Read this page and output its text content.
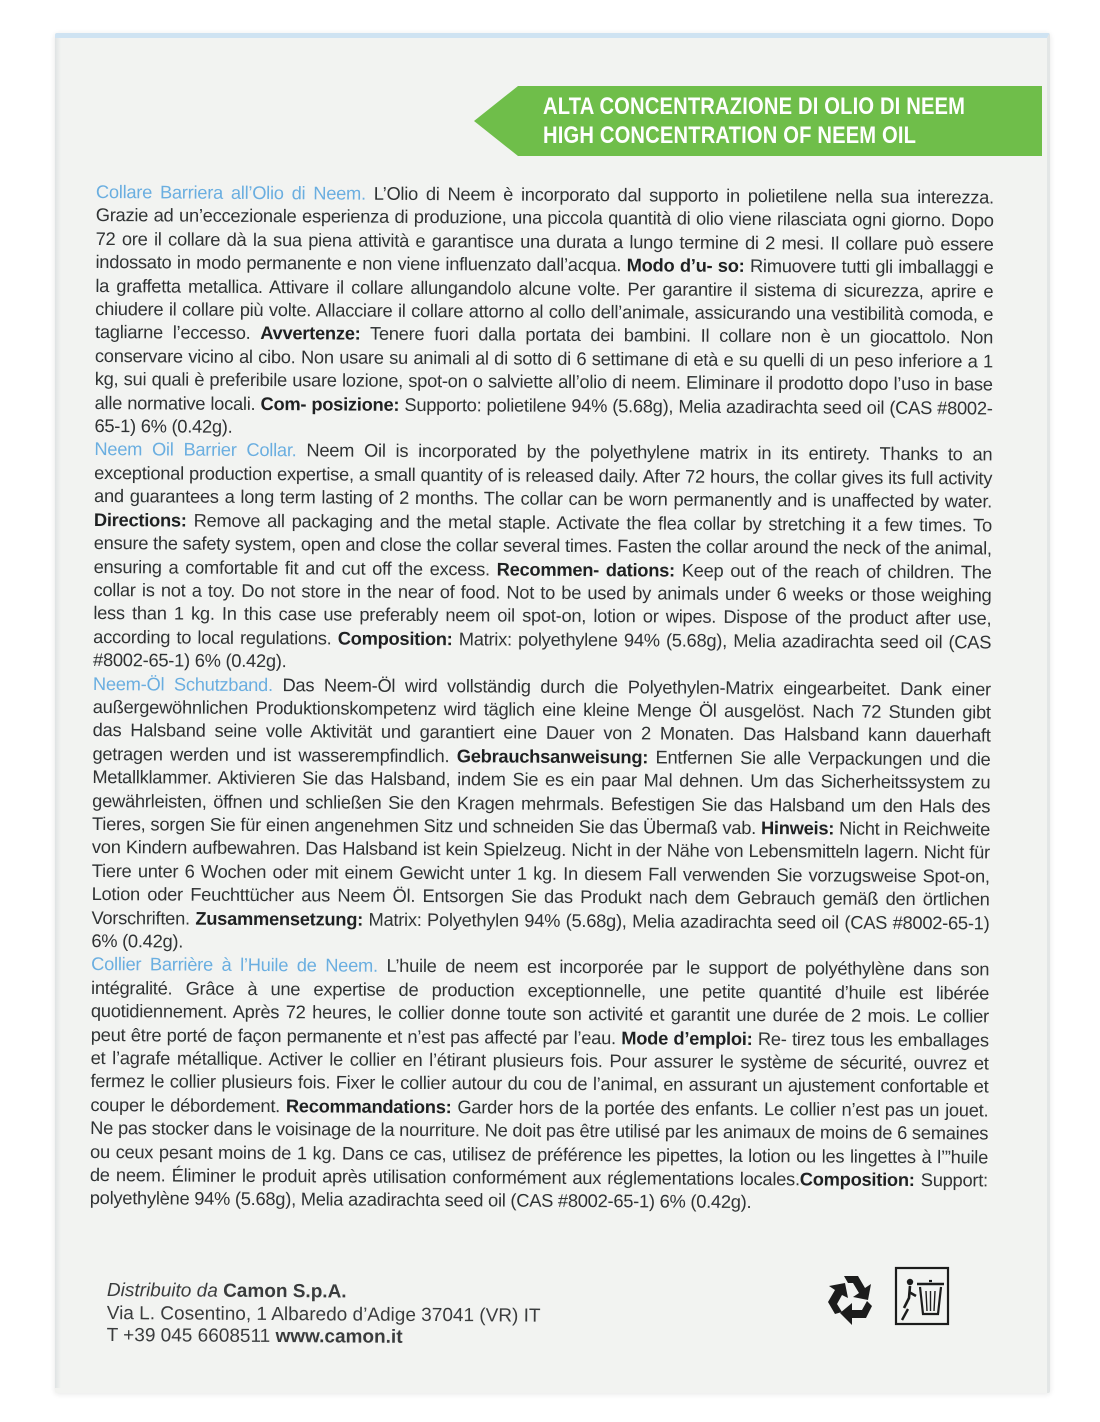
ALTA CONCENTRAZIONE DI OLIO DI NEEM
HIGH CONCENTRATION OF NEEM OIL

Collare Barriera all’Olio di Neem. L’Olio di Neem è incorporato dal supporto in polietilene nella sua interezza. Grazie ad un’eccezionale esperienza di produzione, una piccola quantità di olio viene rilasciata ogni giorno. Dopo 72 ore il collare dà la sua piena attività e garantisce una durata a lungo termine di 2 mesi. Il collare può essere indossato in modo permanente e non viene influenzato dall’acqua. Modo d’u- so: Rimuovere tutti gli imballaggi e la graffetta metallica. Attivare il collare allungandolo alcune volte. Per garantire il sistema di sicurezza, aprire e chiudere il collare più volte. Allacciare il collare attorno al collo dell’animale, assicurando una vestibilità comoda, e tagliarne l’eccesso. Avvertenze: Tenere fuori dalla portata dei bambini. Il collare non è un giocattolo. Non conservare vicino al cibo. Non usare su animali al di sotto di 6 settimane di età e su quelli di un peso inferiore a 1 kg, sui quali è preferibile usare lozione, spot-on o salviette all’olio di neem. Eliminare il prodotto dopo l’uso in base alle normative locali. Com- posizione: Supporto: polietilene 94% (5.68g), Melia azadirachta seed oil (CAS #8002-65-1) 6% (0.42g).

Neem Oil Barrier Collar. Neem Oil is incorporated by the polyethylene matrix in its entirety. Thanks to an exceptional production expertise, a small quantity of is released daily. After 72 hours, the collar gives its full activity and guarantees a long term lasting of 2 months. The collar can be worn permanently and is unaffected by water. Directions: Remove all packaging and the metal staple. Activate the flea collar by stretching it a few times. To ensure the safety system, open and close the collar several times. Fasten the collar around the neck of the animal, ensuring a comfortable fit and cut off the excess. Recommen- dations: Keep out of the reach of children. The collar is not a toy. Do not store in the near of food. Not to be used by animals under 6 weeks or those weighing less than 1 kg. In this case use preferably neem oil spot-on, lotion or wipes. Dispose of the product after use, according to local regulations. Composition: Matrix: polyethylene 94% (5.68g), Melia azadirachta seed oil (CAS #8002-65-1) 6% (0.42g).

Neem-Öl Schutzband. Das Neem-Öl wird vollständig durch die Polyethylen-Matrix eingearbeitet. Dank einer außergewöhnlichen Produktionskompetenz wird täglich eine kleine Menge Öl ausgelöst. Nach 72 Stunden gibt das Halsband seine volle Aktivität und garantiert eine Dauer von 2 Monaten. Das Halsband kann dauerhaft getragen werden und ist wasserempfindlich. Gebrauchsanweisung: Entfernen Sie alle Verpackungen und die Metallklammer. Aktivieren Sie das Halsband, indem Sie es ein paar Mal dehnen. Um das Sicherheitssystem zu gewährleisten, öffnen und schließen Sie den Kragen mehrmals. Befestigen Sie das Halsband um den Hals des Tieres, sorgen Sie für einen angenehmen Sitz und schneiden Sie das Übermaß vab. Hinweis: Nicht in Reichweite von Kindern aufbewahren. Das Halsband ist kein Spielzeug. Nicht in der Nähe von Lebensmitteln lagern. Nicht für Tiere unter 6 Wochen oder mit einem Gewicht unter 1 kg. In diesem Fall verwenden Sie vorzugsweise Spot-on, Lotion oder Feuchttücher aus Neem Öl. Entsorgen Sie das Produkt nach dem Gebrauch gemäß den örtlichen Vorschriften. Zusammensetzung: Matrix: Polyethylen 94% (5.68g), Melia azadirachta seed oil (CAS #8002-65-1) 6% (0.42g).

Collier Barrière à l’Huile de Neem. L’huile de neem est incorporée par le support de polyéthylène dans son intégralité. Grâce à une expertise de production exceptionnelle, une petite quantité d’huile est libérée quotidiennement. Après 72 heures, le collier donne toute son activité et garantit une durée de 2 mois. Le collier peut être porté de façon permanente et n’est pas affecté par l’eau. Mode d’emploi: Re- tirez tous les emballages et l’agrafe métallique. Activer le collier en l’étirant plusieurs fois. Pour assurer le système de sécurité, ouvrez et fermez le collier plusieurs fois. Fixer le collier autour du cou de l’animal, en assurant un ajustement confortable et couper le débordement. Recommandations: Garder hors de la portée des enfants. Le collier n’est pas un jouet. Ne pas stocker dans le voisinage de la nourriture. Ne doit pas être utilisé par les animaux de moins de 6 semaines ou ceux pesant moins de 1 kg. Dans ce cas, utilisez de préférence les pipettes, la lotion ou les lingettes à l’”huile de neem. Éliminer le produit après utilisation conformément aux réglementations locales.Composition: Support: polyethylène 94% (5.68g), Melia azadirachta seed oil (CAS #8002-65-1) 6% (0.42g).

Distribuito da Camon S.p.A.
Via L. Cosentino, 1 Albaredo d’Adige 37041 (VR) IT
T +39 045 6608511 www.camon.it
